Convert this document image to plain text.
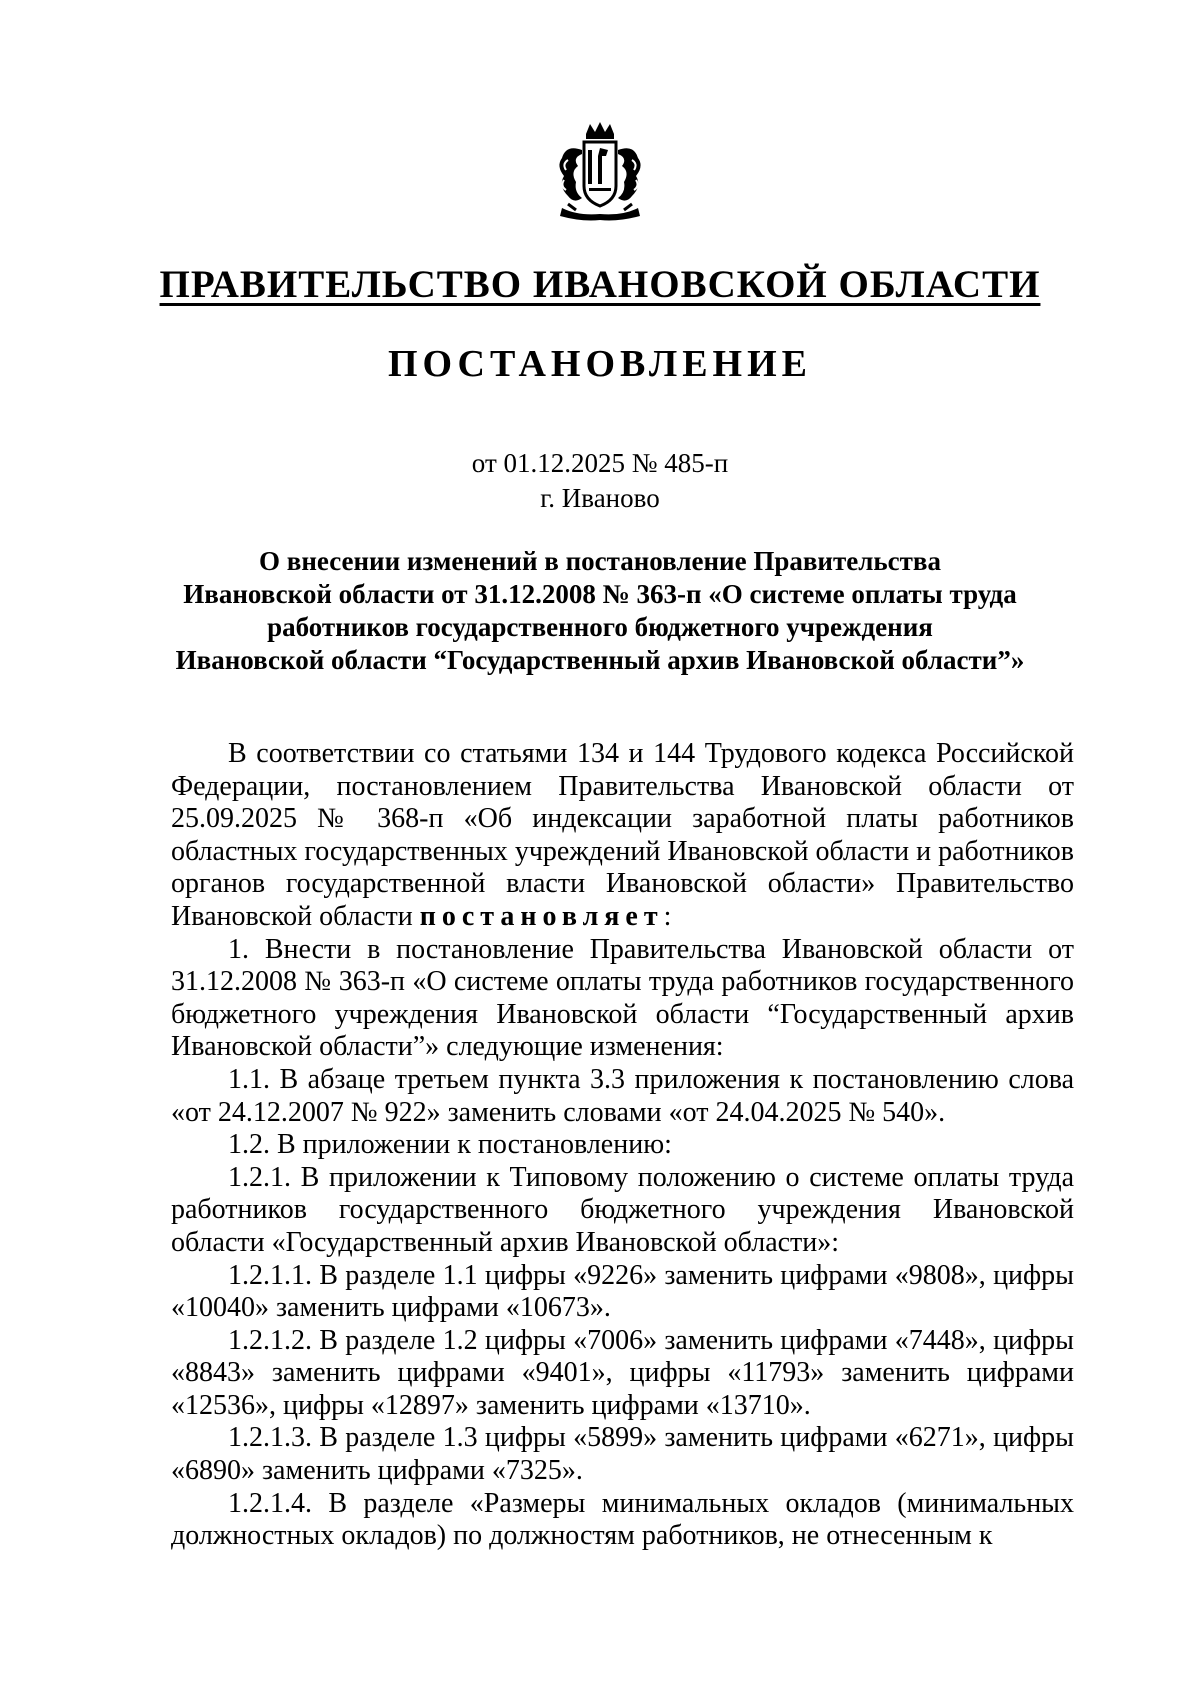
ПРАВИТЕЛЬСТВО ИВАНОВСКОЙ ОБЛАСТИ
ПОСТАНОВЛЕНИЕ
от 01.12.2025 № 485-п
г. Иваново
О внесении изменений в постановление Правительства
Ивановской области от 31.12.2008 № 363-п «О системе оплаты труда
работников государственного бюджетного учреждения
Ивановской области “Государственный архив Ивановской области”»

В соответствии со статьями 134 и 144 Трудового кодекса Российской Федерации, постановлением Правительства Ивановской области от 25.09.2025 № 368-п «Об индексации заработной платы работников областных государственных учреждений Ивановской области и работников органов государственной власти Ивановской области» Правительство Ивановской области постановляет:

1. Внести в постановление Правительства Ивановской области от 31.12.2008 № 363-п «О системе оплаты труда работников государственного бюджетного учреждения Ивановской области “Государственный архив Ивановской области”» следующие изменения:

1.1. В абзаце третьем пункта 3.3 приложения к постановлению слова «от 24.12.2007 № 922» заменить словами «от 24.04.2025 № 540».

1.2. В приложении к постановлению:

1.2.1. В приложении к Типовому положению о системе оплаты труда работников государственного бюджетного учреждения Ивановской области «Государственный архив Ивановской области»:

1.2.1.1. В разделе 1.1 цифры «9226» заменить цифрами «9808», цифры «10040» заменить цифрами «10673».

1.2.1.2. В разделе 1.2 цифры «7006» заменить цифрами «7448», цифры «8843» заменить цифрами «9401», цифры «11793» заменить цифрами «12536», цифры «12897» заменить цифрами «13710».

1.2.1.3. В разделе 1.3 цифры «5899» заменить цифрами «6271», цифры «6890» заменить цифрами «7325».

1.2.1.4. В разделе «Размеры минимальных окладов (минимальных должностных окладов) по должностям работников, не отнесенным к
